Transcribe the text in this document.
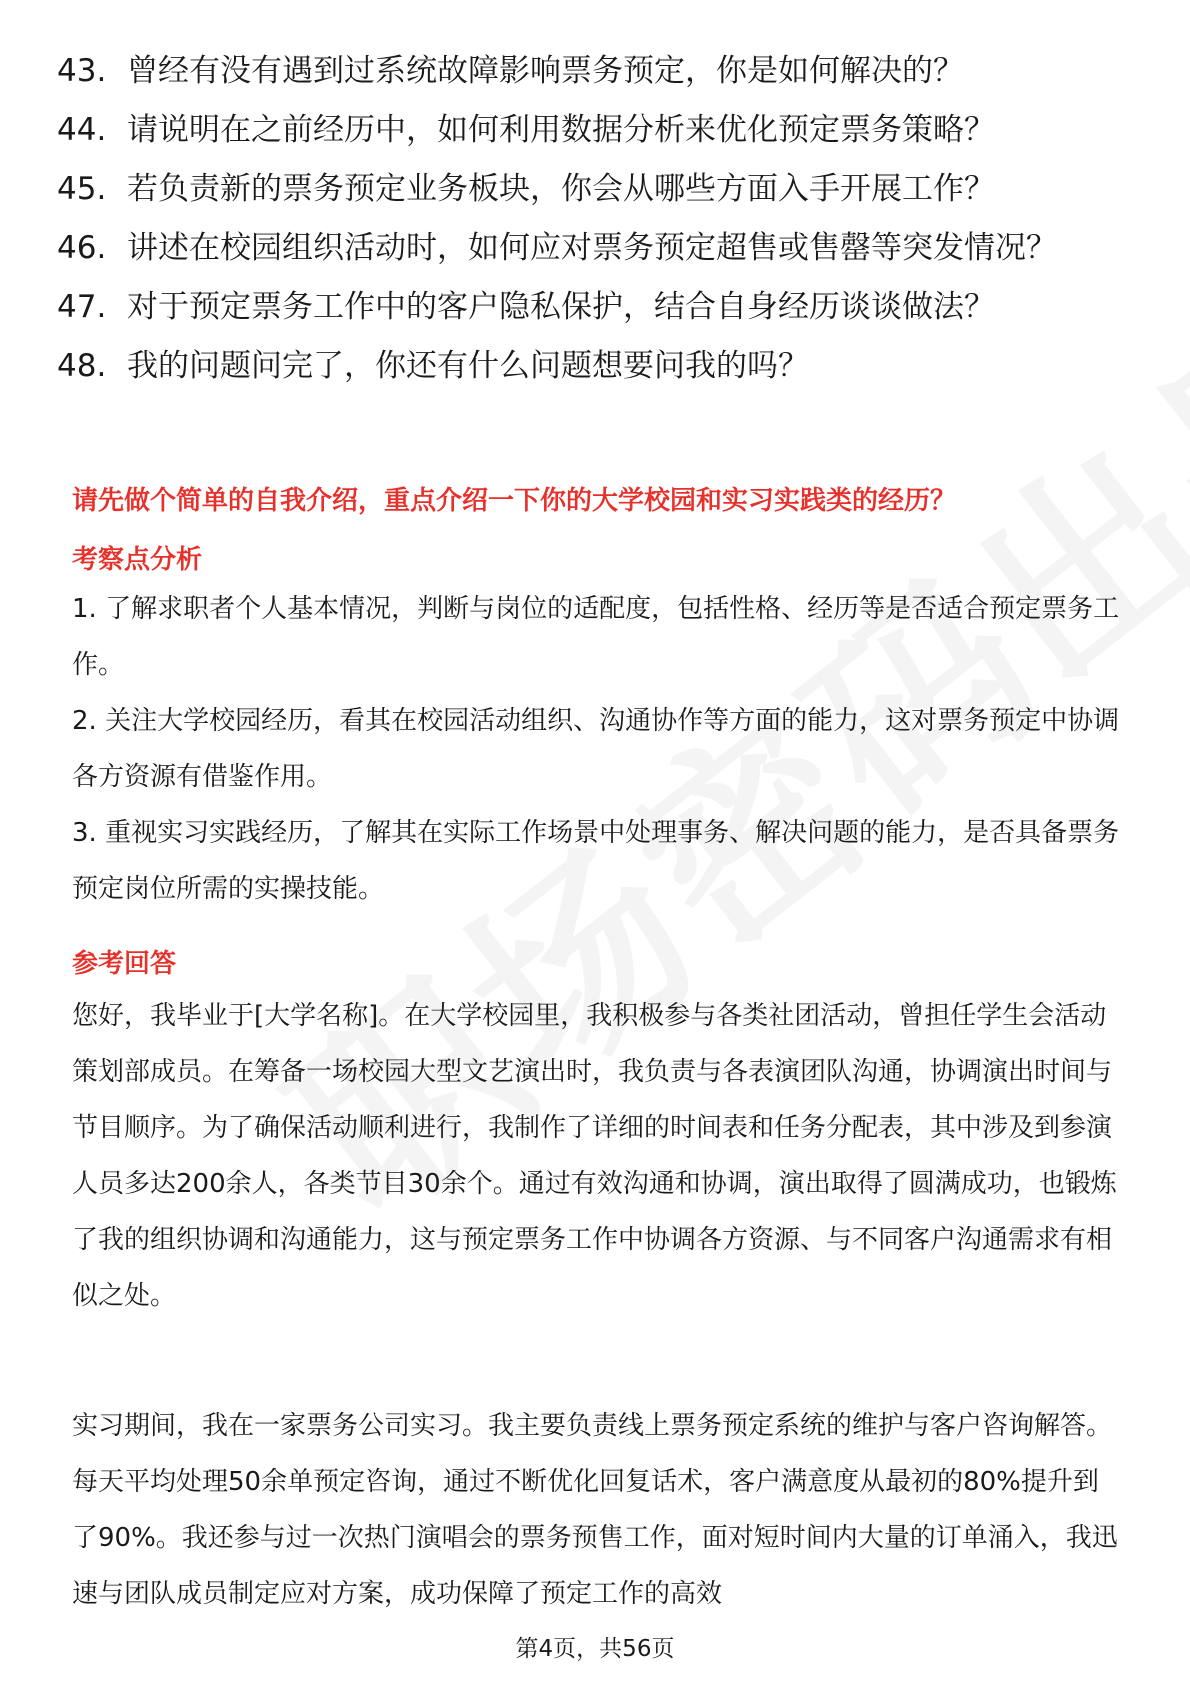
43. 曾经有没有遇到过系统故障影响票务预定，你是如何解决的？
44. 请说明在之前经历中，如何利用数据分析来优化预定票务策略？
45. 若负责新的票务预定业务板块，你会从哪些方面入手开展工作？
46. 讲述在校园组织活动时，如何应对票务预定超售或售罄等突发情况？
47. 对于预定票务工作中的客户隐私保护，结合自身经历谈谈做法？
48. 我的问题问完了，你还有什么问题想要问我的吗？
请先做个简单的自我介绍，重点介绍一下你的大学校园和实习实践类的经历？
考察点分析

1. 了解求职者个人基本情况，判断与岗位的适配度，包括性格、经历等是否适合预定票务工作。

2. 关注大学校园经历，看其在校园活动组织、沟通协作等方面的能力，这对票务预定中协调各方资源有借鉴作用。

3. 重视实习实践经历，了解其在实际工作场景中处理事务、解决问题的能力，是否具备票务预定岗位所需的实操技能。

参考回答

您好，我毕业于[大学名称]。在大学校园里，我积极参与各类社团活动，曾担任学生会活动策划部成员。在筹备一场校园大型文艺演出时，我负责与各表演团队沟通，协调演出时间与节目顺序。为了确保活动顺利进行，我制作了详细的时间表和任务分配表，其中涉及到参演人员多达200余人，各类节目30余个。通过有效沟通和协调，演出取得了圆满成功，也锻炼了我的组织协调和沟通能力，这与预定票务工作中协调各方资源、与不同客户沟通需求有相似之处。

实习期间，我在一家票务公司实习。我主要负责线上票务预定系统的维护与客户咨询解答。每天平均处理50余单预定咨询，通过不断优化回复话术，客户满意度从最初的80%提升到了90%。我还参与过一次热门演唱会的票务预售工作，面对短时间内大量的订单涌入，我迅速与团队成员制定应对方案，成功保障了预定工作的高效

第4页，共56页
